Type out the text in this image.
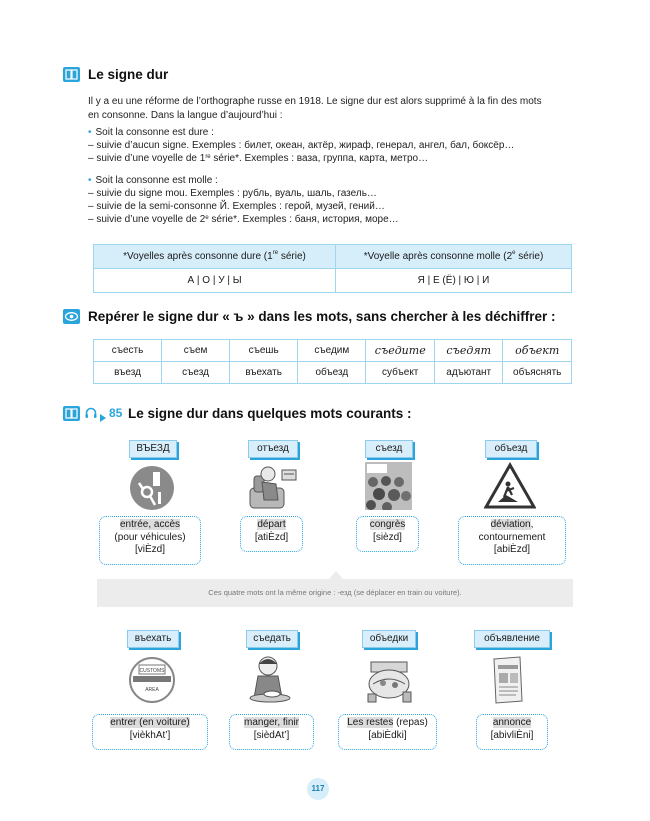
Le signe dur

Il y a eu une réforme de l’orthographe russe en 1918. Le signe dur est alors supprimé à la fin des mots

en consonne. Dans la langue d’aujourd’hui :

• Soit la consonne est dure :
– suivie d’aucun signe. Exemples : билет, океан, актёр, жираф, генерал, ангел, бал, боксёр…
– suivie d’une voyelle de 1re série*. Exemples : ваза, группа, карта, метро…
• Soit la consonne est molle :
– suivie du signe mou. Exemples : рубль, вуаль, шаль, газель…
– suivie de la semi-consonne Й. Exemples : герой, музей, гений…
– suivie d’une voyelle de 2e série*. Exemples : баня, история, море…
*Voyelles après consonne dure (1re série)	*Voyelle après consonne molle (2e série)
А | О | У | Ы	Я | Е (Ё) | Ю | И
Repérer le signe dur « ъ » dans les mots, sans chercher à les déchiffrer :
съесть	съем	съешь	съедим	съедите	съедят	объект
въезд	съезд	въехать	объезд	субъект	адъютант	объяснять
85 Le signe dur dans quelques mots courants :
ВЪЕЗД	отъезд	съезд	объезд
entrée, accès
(pour véhicules)
[viÈzd]
départ
[atiÈzd]
congrès
[sièzd]
déviation,
contournement
[abiÈzd]
Ces quatre mots ont la même origine : -езд (se déplacer en train ou voiture).
въехать	съедать	объедки	объявление
CUSTOMS
AREA
entrer (en voiture)
[vièkhAt’]
manger, finir
[sièdAt’]
Les restes (repas)
[abiÈdki]
annonce
[abivliÈni]
117
